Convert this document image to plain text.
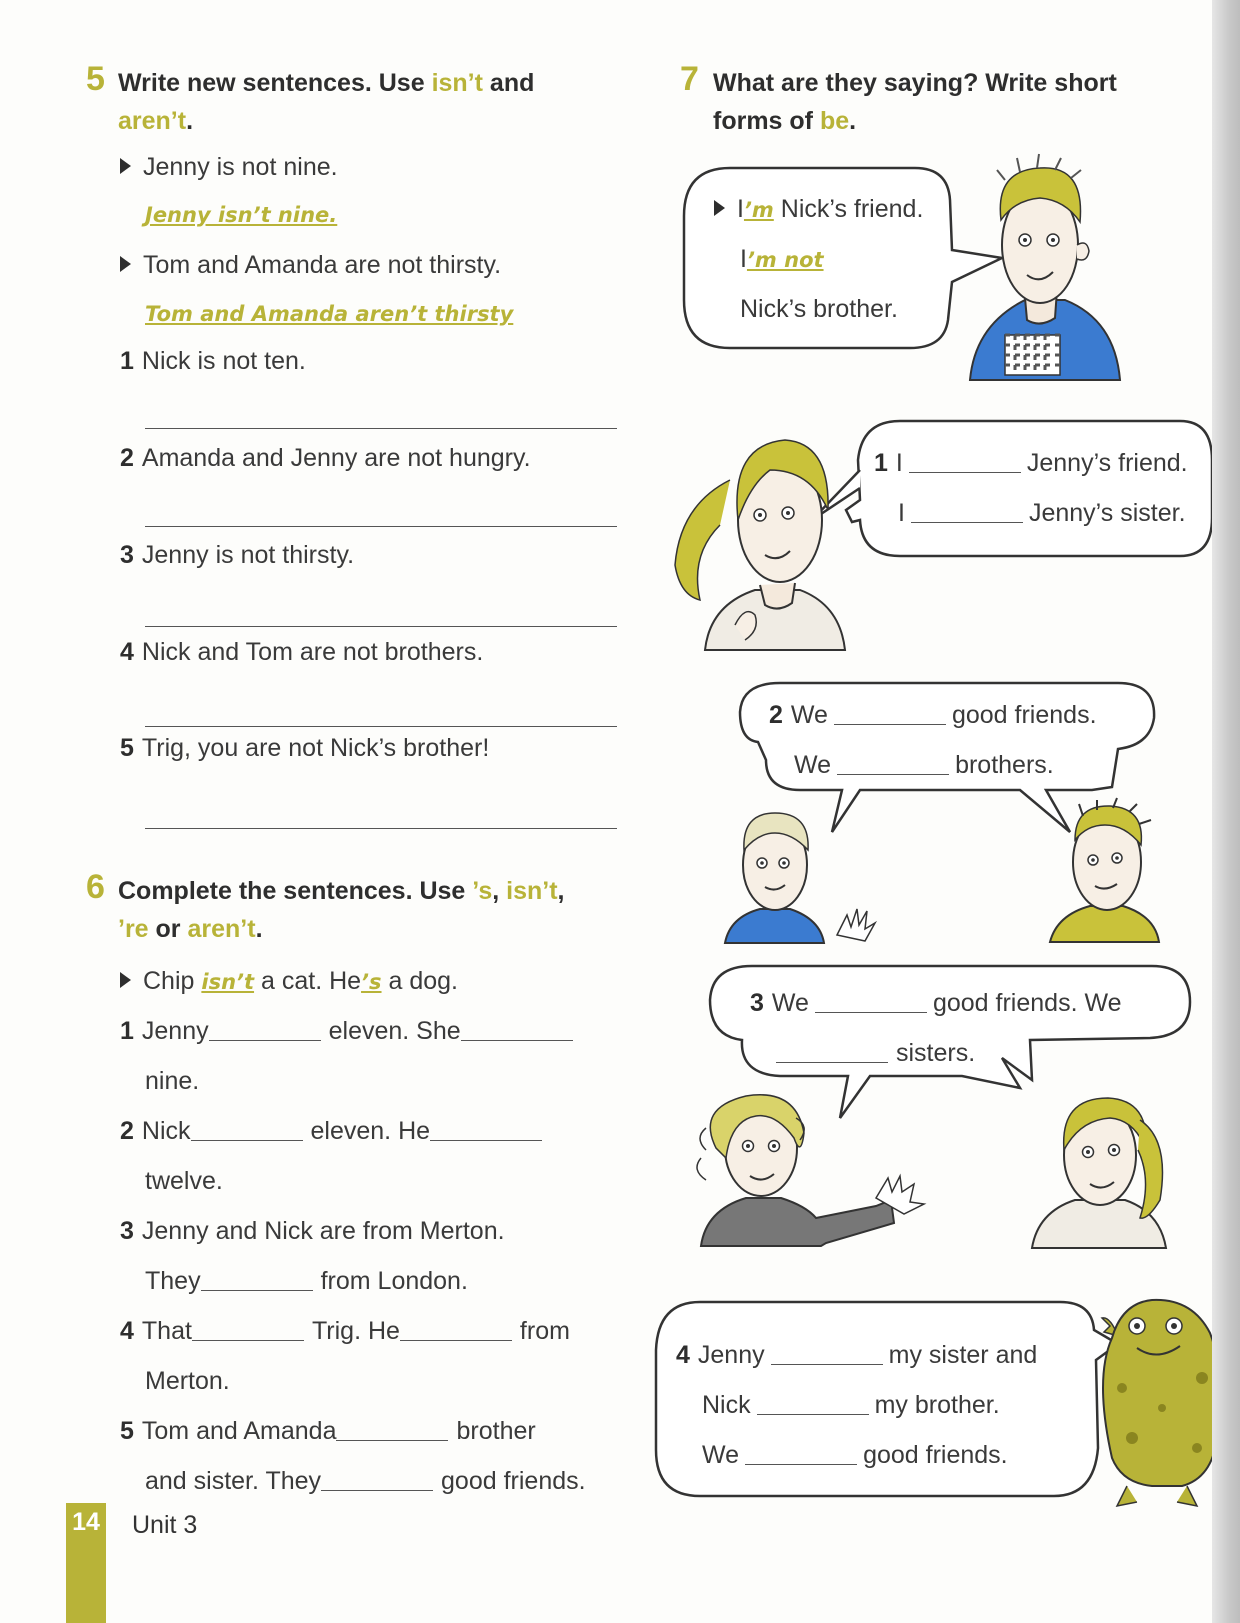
5 Write new sentences. Use isn’t and aren’t.
Jenny is not nine.
Jenny isn’t nine.
Tom and Amanda are not thirsty.
Tom and Amanda aren’t thirsty
1 Nick is not ten.
2 Amanda and Jenny are not hungry.
3 Jenny is not thirsty.
4 Nick and Tom are not brothers.
5 Trig, you are not Nick’s brother!
6 Complete the sentences. Use ’s, isn’t,
’re or aren’t.
Chip isn’t a cat. He’s a dog.
1 Jenny	eleven. She
nine.
2 Nick	eleven. He
twelve.
3 Jenny and Nick are from Merton.
They	from London.
4 That	Trig. He	from
Merton.
5 Tom and Amanda	brother
and sister. They	good friends.
7 What are they saying? Write short
forms of be.
I’m Nick’s friend.
I’m not
Nick’s brother.
1 I	Jenny’s friend.
I	Jenny’s sister.
2 We	good friends.
We	brothers.
3 We	good friends. We
sisters.
4 Jenny	my sister and
Nick	my brother.
We	good friends.
14 Unit 3
